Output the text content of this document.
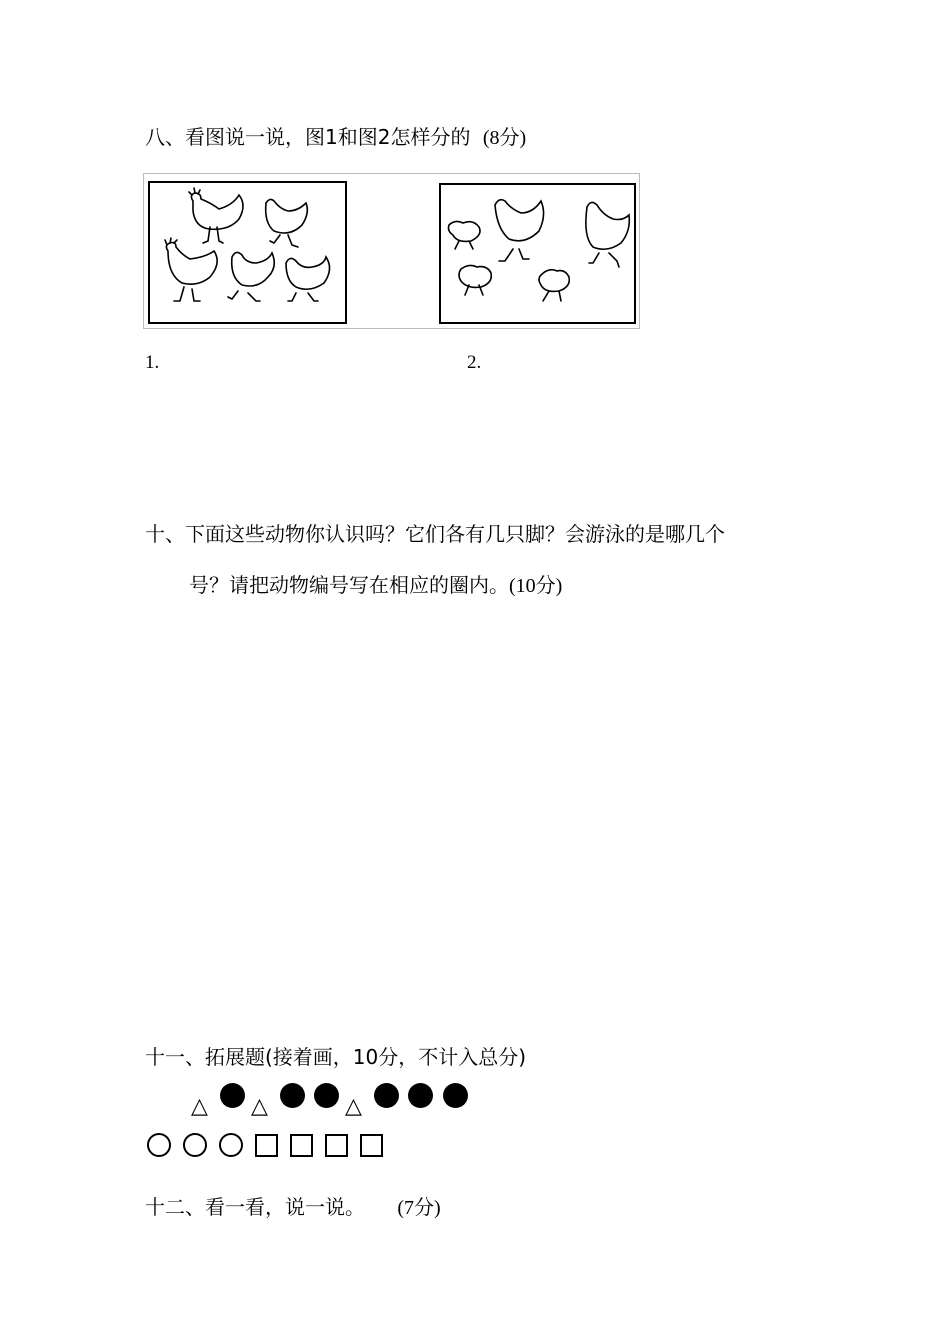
八、看图说一说，图1和图2怎样分的 (8分)
1.	2.
十、下面这些动物你认识吗？它们各有几只脚？会游泳的是哪几个
号？请把动物编号写在相应的圈内。(10分)
十一、拓展题(接着画，10分，不计入总分)
△ △	△
十二、看一看，说一说。 (7分)
